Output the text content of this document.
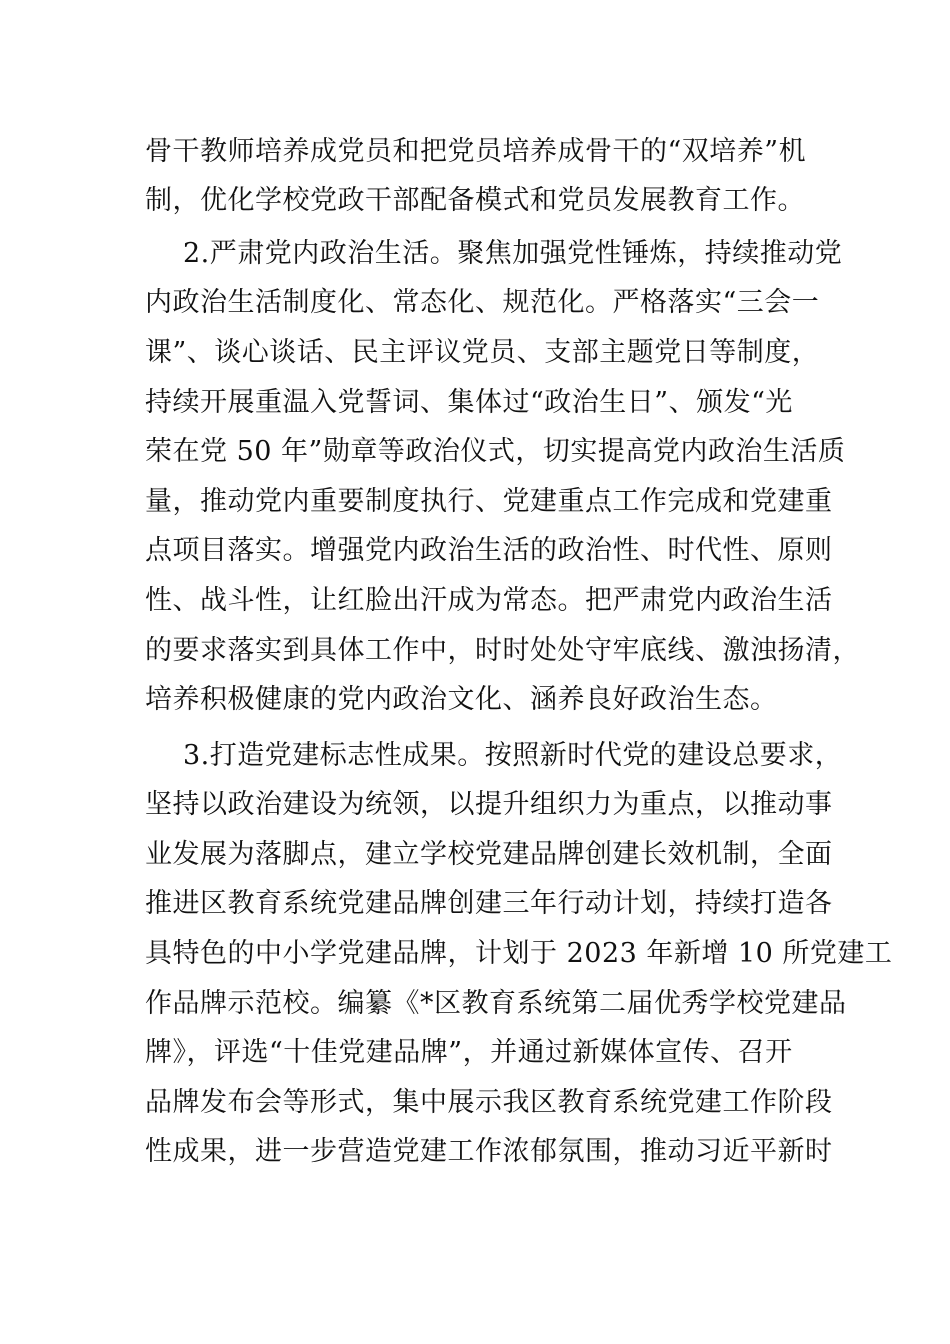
骨干教师培养成党员和把党员培养成骨干的“双培养”机
制，优化学校党政干部配备模式和党员发展教育工作。
2.严肃党内政治生活。聚焦加强党性锤炼，持续推动党
内政治生活制度化、常态化、规范化。严格落实“三会一
课”、谈心谈话、民主评议党员、支部主题党日等制度，
持续开展重温入党誓词、集体过“政治生日”、颁发“光
荣在党 50 年”勋章等政治仪式，切实提高党内政治生活质
量，推动党内重要制度执行、党建重点工作完成和党建重
点项目落实。增强党内政治生活的政治性、时代性、原则
性、战斗性，让红脸出汗成为常态。把严肃党内政治生活
的要求落实到具体工作中，时时处处守牢底线、激浊扬清，
培养积极健康的党内政治文化、涵养良好政治生态。
3.打造党建标志性成果。按照新时代党的建设总要求，
坚持以政治建设为统领，以提升组织力为重点，以推动事
业发展为落脚点，建立学校党建品牌创建长效机制，全面
推进区教育系统党建品牌创建三年行动计划，持续打造各
具特色的中小学党建品牌，计划于 2023 年新增 10 所党建工
作品牌示范校。编纂《*区教育系统第二届优秀学校党建品
牌》，评选“十佳党建品牌”，并通过新媒体宣传、召开
品牌发布会等形式，集中展示我区教育系统党建工作阶段
性成果，进一步营造党建工作浓郁氛围，推动习近平新时
